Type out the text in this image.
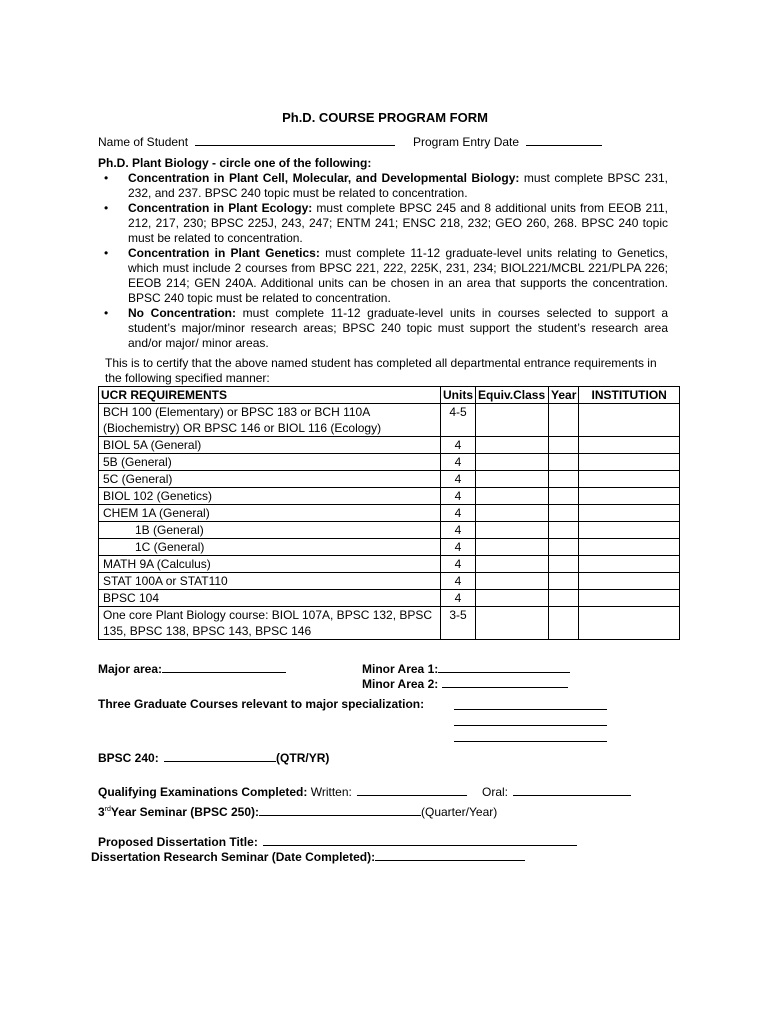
Ph.D. COURSE PROGRAM FORM
Name of Student	Program Entry Date
Ph.D. Plant Biology - circle one of the following:
• Concentration in Plant Cell, Molecular, and Developmental Biology: must complete BPSC 231, 232, and 237. BPSC 240 topic must be related to concentration.
• Concentration in Plant Ecology: must complete BPSC 245 and 8 additional units from EEOB 211, 212, 217, 230; BPSC 225J, 243, 247; ENTM 241; ENSC 218, 232; GEO 260, 268. BPSC 240 topic must be related to concentration.
• Concentration in Plant Genetics: must complete 11-12 graduate-level units relating to Genetics, which must include 2 courses from BPSC 221, 222, 225K, 231, 234; BIOL221/MCBL 221/PLPA 226; EEOB 214; GEN 240A. Additional units can be chosen in an area that supports the concentration. BPSC 240 topic must be related to concentration.
• No Concentration: must complete 11-12 graduate-level units in courses selected to support a student’s major/minor research areas; BPSC 240 topic must support the student’s research area and/or major/ minor areas.
This is to certify that the above named student has completed all departmental entrance requirements in the following specified manner:
UCR REQUIREMENTS	Units	Equiv.Class	Year	INSTITUTION
BCH 100 (Elementary) or BPSC 183 or BCH 110A (Biochemistry) OR BPSC 146 or BIOL 116 (Ecology)	4-5			
BIOL 5A (General)	4			
5B (General)	4			
5C (General)	4			
BIOL 102 (Genetics)	4			
CHEM 1A (General)	4			
1B (General)	4			
1C (General)	4			
MATH 9A (Calculus)	4			
STAT 100A or STAT110	4			
BPSC 104	4			
One core Plant Biology course: BIOL 107A, BPSC 132, BPSC 135, BPSC 138, BPSC 143, BPSC 146	3-5			
Major area:	Minor Area 1:
Minor Area 2:
Three Graduate Courses relevant to major specialization:
BPSC 240:	(QTR/YR)
Qualifying Examinations Completed: Written:	Oral:
3rdYear Seminar (BPSC 250):	(Quarter/Year)
Proposed Dissertation Title:
Dissertation Research Seminar (Date Completed):
